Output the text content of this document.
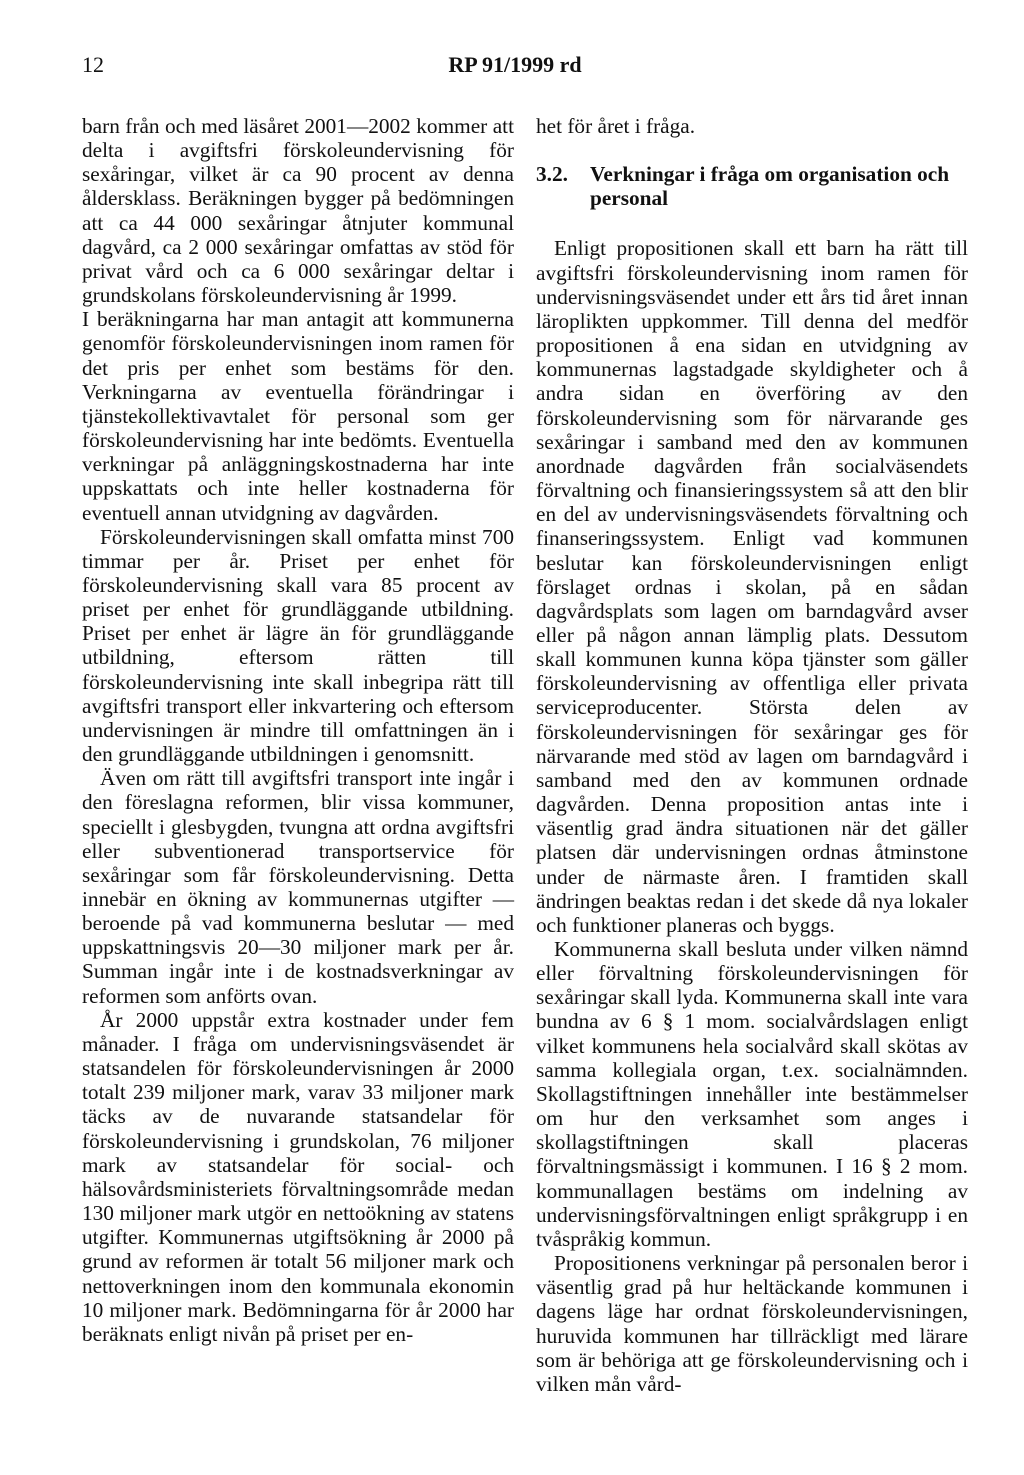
12	RP 91/1999 rd

barn från och med läsåret 2001—2002 kommer att delta i avgiftsfri förskoleundervisning för sexåringar, vilket är ca 90 procent av denna åldersklass. Beräkningen bygger på bedömningen att ca 44 000 sexåringar åtnjuter kommunal dagvård, ca 2 000 sexåringar omfattas av stöd för privat vård och ca 6 000 sexåringar deltar i grundskolans förskoleundervisning år 1999.

I beräkningarna har man antagit att kommunerna genomför förskoleundervisningen inom ramen för det pris per enhet som bestäms för den. Verkningarna av eventuella förändringar i tjänstekollektivavtalet för personal som ger förskoleundervisning har inte bedömts. Eventuella verkningar på anläggningskostnaderna har inte uppskattats och inte heller kostnaderna för eventuell annan utvidgning av dagvården.

Förskoleundervisningen skall omfatta minst 700 timmar per år. Priset per enhet för förskoleundervisning skall vara 85 procent av priset per enhet för grundläggande utbildning. Priset per enhet är lägre än för grundläggande utbildning, eftersom rätten till förskoleundervisning inte skall inbegripa rätt till avgiftsfri transport eller inkvartering och eftersom undervisningen är mindre till omfattningen än i den grundläggande utbildningen i genomsnitt.

Även om rätt till avgiftsfri transport inte ingår i den föreslagna reformen, blir vissa kommuner, speciellt i glesbygden, tvungna att ordna avgiftsfri eller subventionerad transportservice för sexåringar som får förskoleundervisning. Detta innebär en ökning av kommunernas utgifter — beroende på vad kommunerna beslutar — med uppskattningsvis 20—30 miljoner mark per år. Summan ingår inte i de kostnadsverkningar av reformen som anförts ovan.

År 2000 uppstår extra kostnader under fem månader. I fråga om undervisningsväsendet är statsandelen för förskoleundervisningen år 2000 totalt 239 miljoner mark, varav 33 miljoner mark täcks av de nuvarande statsandelar för förskoleundervisning i grundskolan, 76 miljoner mark av statsandelar för social- och hälsovårdsministeriets förvaltningsområde medan 130 miljoner mark utgör en nettoökning av statens utgifter. Kommunernas utgiftsökning år 2000 på grund av reformen är totalt 56 miljoner mark och nettoverkningen inom den kommunala ekonomin 10 miljoner mark. Bedömningarna för år 2000 har beräknats enligt nivån på priset per en-

het för året i fråga.

3.2.	Verkningar i fråga om organisation och personal

Enligt propositionen skall ett barn ha rätt till avgiftsfri förskoleundervisning inom ramen för undervisningsväsendet under ett års tid året innan läroplikten uppkommer. Till denna del medför propositionen å ena sidan en utvidgning av kommunernas lagstadgade skyldigheter och å andra sidan en överföring av den förskoleundervisning som för närvarande ges sexåringar i samband med den av kommunen anordnade dagvården från socialväsendets förvaltning och finansieringssystem så att den blir en del av undervisningsväsendets förvaltning och finanseringssystem. Enligt vad kommunen beslutar kan förskoleundervisningen enligt förslaget ordnas i skolan, på en sådan dagvårdsplats som lagen om barndagvård avser eller på någon annan lämplig plats. Dessutom skall kommunen kunna köpa tjänster som gäller förskoleundervisning av offentliga eller privata serviceproducenter. Största delen av förskoleundervisningen för sexåringar ges för närvarande med stöd av lagen om barndagvård i samband med den av kommunen ordnade dagvården. Denna proposition antas inte i väsentlig grad ändra situationen när det gäller platsen där undervisningen ordnas åtminstone under de närmaste åren. I framtiden skall ändringen beaktas redan i det skede då nya lokaler och funktioner planeras och byggs.

Kommunerna skall besluta under vilken nämnd eller förvaltning förskoleundervisningen för sexåringar skall lyda. Kommunerna skall inte vara bundna av 6 § 1 mom. socialvårdslagen enligt vilket kommunens hela socialvård skall skötas av samma kollegiala organ, t.ex. socialnämnden. Skollagstiftningen innehåller inte bestämmelser om hur den verksamhet som anges i skollagstiftningen skall placeras förvaltningsmässigt i kommunen. I 16 § 2 mom. kommunallagen bestäms om indelning av undervisningsförvaltningen enligt språkgrupp i en tvåspråkig kommun.

Propositionens verkningar på personalen beror i väsentlig grad på hur heltäckande kommunen i dagens läge har ordnat förskoleundervisningen, huruvida kommunen har tillräckligt med lärare som är behöriga att ge förskoleundervisning och i vilken mån vård-
